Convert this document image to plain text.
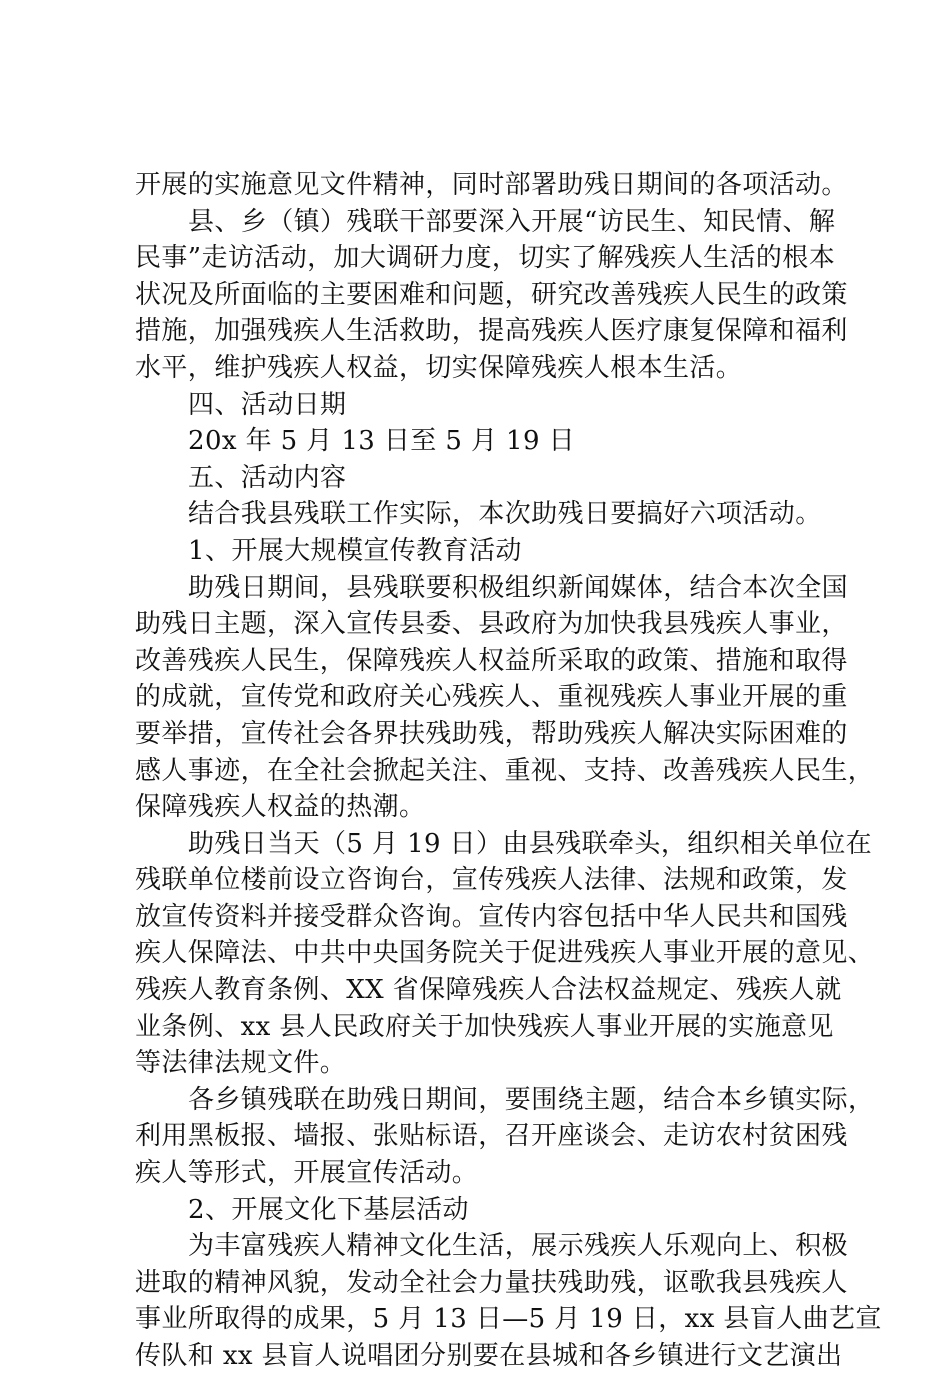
开展的实施意见文件精神，同时部署助残日期间的各项活动。
县、乡（镇）残联干部要深入开展“访民生、知民情、解
民事”走访活动，加大调研力度，切实了解残疾人生活的根本
状况及所面临的主要困难和问题，研究改善残疾人民生的政策
措施，加强残疾人生活救助，提高残疾人医疗康复保障和福利
水平，维护残疾人权益，切实保障残疾人根本生活。
四、活动日期
20x 年 5 月 13 日至 5 月 19 日
五、活动内容
结合我县残联工作实际，本次助残日要搞好六项活动。
1、开展大规模宣传教育活动
助残日期间，县残联要积极组织新闻媒体，结合本次全国
助残日主题，深入宣传县委、县政府为加快我县残疾人事业，
改善残疾人民生，保障残疾人权益所采取的政策、措施和取得
的成就，宣传党和政府关心残疾人、重视残疾人事业开展的重
要举措，宣传社会各界扶残助残，帮助残疾人解决实际困难的
感人事迹，在全社会掀起关注、重视、支持、改善残疾人民生，
保障残疾人权益的热潮。
助残日当天（5 月 19 日）由县残联牵头，组织相关单位在
残联单位楼前设立咨询台，宣传残疾人法律、法规和政策，发
放宣传资料并接受群众咨询。宣传内容包括中华人民共和国残
疾人保障法、中共中央国务院关于促进残疾人事业开展的意见、
残疾人教育条例、XX 省保障残疾人合法权益规定、残疾人就
业条例、xx 县人民政府关于加快残疾人事业开展的实施意见
等法律法规文件。
各乡镇残联在助残日期间，要围绕主题，结合本乡镇实际，
利用黑板报、墙报、张贴标语，召开座谈会、走访农村贫困残
疾人等形式，开展宣传活动。
2、开展文化下基层活动
为丰富残疾人精神文化生活，展示残疾人乐观向上、积极
进取的精神风貌，发动全社会力量扶残助残，讴歌我县残疾人
事业所取得的成果，5 月 13 日—5 月 19 日，xx 县盲人曲艺宣
传队和 xx 县盲人说唱团分别要在县城和各乡镇进行文艺演出
